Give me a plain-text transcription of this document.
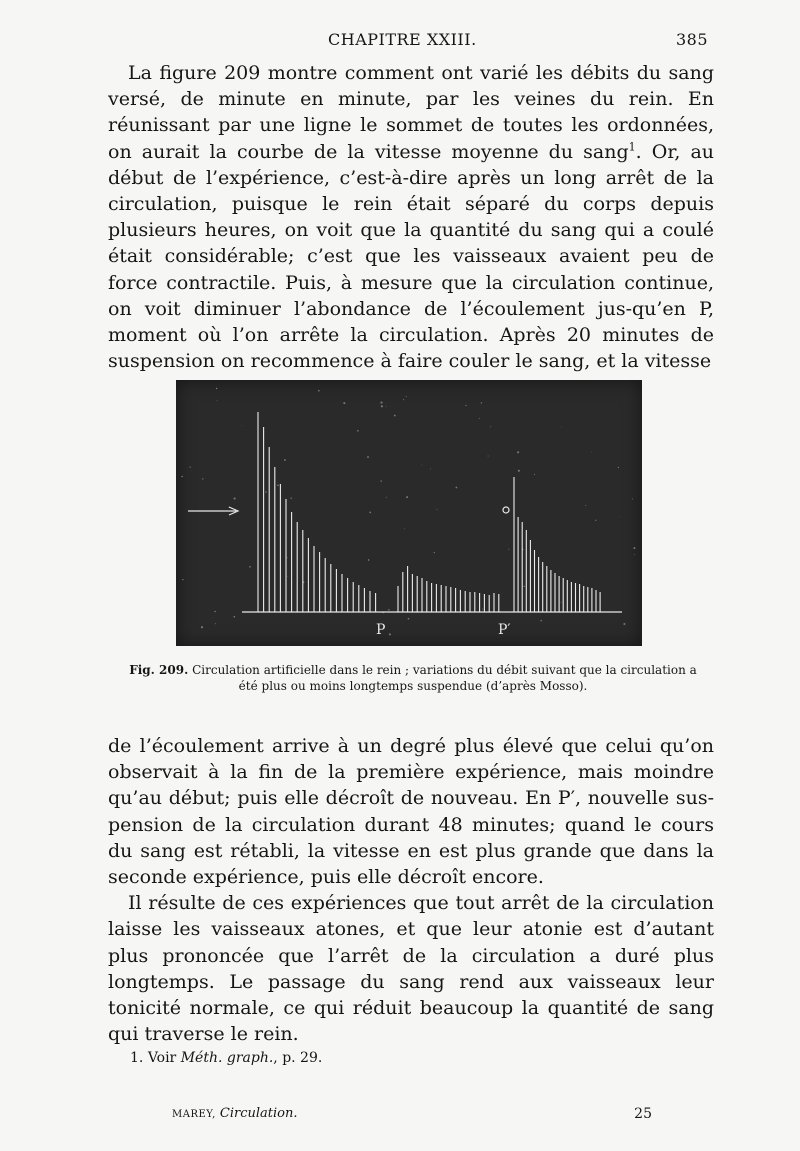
CHAPITRE XXIII.	385

La figure 209 montre comment ont varié les débits du sang versé, de minute en minute, par les veines du rein. En réunissant par une ligne le sommet de toutes les ordonnées, on aurait la courbe de la vitesse moyenne du sang$^1$. Or, au début de l’expérience, c’est-à-dire après un long arrêt de la circulation, puisque le rein était séparé du corps depuis plusieurs heures, on voit que la quantité du sang qui a coulé était considérable; c’est que les vaisseaux avaient peu de force contractile. Puis, à mesure que la circulation continue, on voit diminuer l’abondance de l’écoulement jus-qu’en P, moment où l’on arrête la circulation. Après 20 minutes de suspension on recommence à faire couler le sang, et la vitesse

P	P′
Fig. 209. Circulation artificielle dans le rein ; variations du débit suivant que la circulation a été plus ou moins longtemps suspendue (d’après Mosso).

de l’écoulement arrive à un degré plus élevé que celui qu’on observait à la fin de la première expérience, mais moindre qu’au début; puis elle décroît de nouveau. En P′, nouvelle sus-pension de la circulation durant 48 minutes; quand le cours du sang est rétabli, la vitesse en est plus grande que dans la seconde expérience, puis elle décroît encore.

Il résulte de ces expériences que tout arrêt de la circulation laisse les vaisseaux atones, et que leur atonie est d’autant plus prononcée que l’arrêt de la circulation a duré plus longtemps. Le passage du sang rend aux vaisseaux leur tonicité normale, ce qui réduit beaucoup la quantité de sang qui traverse le rein.

1. Voir Méth. graph., p. 29.
MAREY, Circulation.	25
